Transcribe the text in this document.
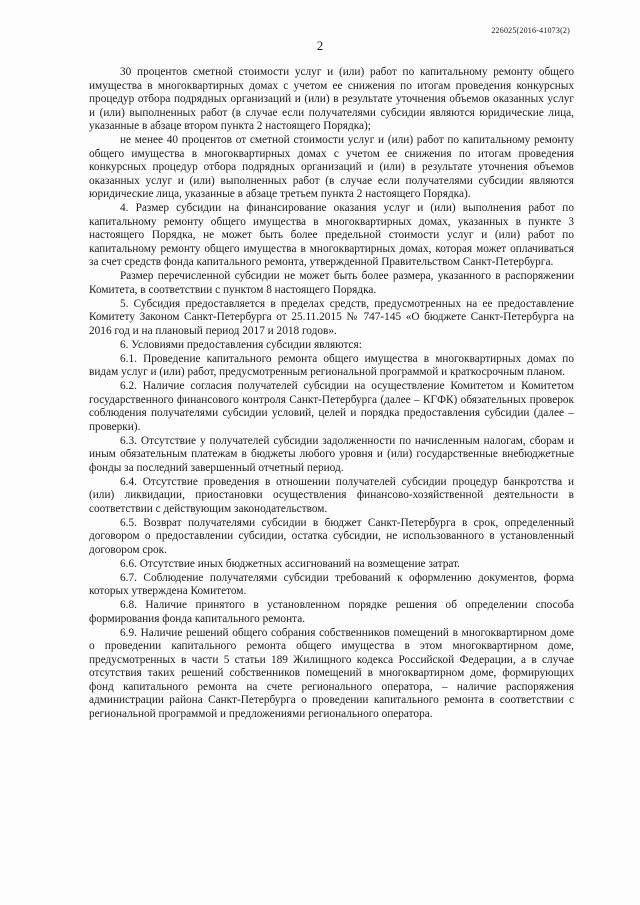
226025(2016-41073(2)
2

30 процентов сметной стоимости услуг и (или) работ по капитальному ремонту общего имущества в многоквартирных домах с учетом ее снижения по итогам проведения конкурсных процедур отбора подрядных организаций и (или) в результате уточнения объемов оказанных услуг и (или) выполненных работ (в случае если получателями субсидии являются юридические лица, указанные в абзаце втором пункта 2 настоящего Порядка);

не менее 40 процентов от сметной стоимости услуг и (или) работ по капитальному ремонту общего имущества в многоквартирных домах с учетом ее снижения по итогам проведения конкурсных процедур отбора подрядных организаций и (или) в результате уточнения объемов оказанных услуг и (или) выполненных работ (в случае если получателями субсидии являются юридические лица, указанные в абзаце третьем пункта 2 настоящего Порядка).

4. Размер субсидии на финансирование оказания услуг и (или) выполнения работ по капитальному ремонту общего имущества в многоквартирных домах, указанных в пункте 3 настоящего Порядка, не может быть более предельной стоимости услуг и (или) работ по капитальному ремонту общего имущества в многоквартирных домах, которая может оплачиваться за счет средств фонда капитального ремонта, утвержденной Правительством Санкт-Петербурга.

Размер перечисленной субсидии не может быть более размера, указанного в распоряжении Комитета, в соответствии с пунктом 8 настоящего Порядка.

5. Субсидия предоставляется в пределах средств, предусмотренных на ее предоставление Комитету Законом Санкт-Петербурга от 25.11.2015 № 747-145 «О бюджете Санкт-Петербурга на 2016 год и на плановый период 2017 и 2018 годов».

6. Условиями предоставления субсидии являются:

6.1. Проведение капитального ремонта общего имущества в многоквартирных домах по видам услуг и (или) работ, предусмотренным региональной программой и краткосрочным планом.

6.2. Наличие согласия получателей субсидии на осуществление Комитетом и Комитетом государственного финансового контроля Санкт-Петербурга (далее – КГФК) обязательных проверок соблюдения получателями субсидии условий, целей и порядка предоставления субсидии (далее – проверки).

6.3. Отсутствие у получателей субсидии задолженности по начисленным налогам, сборам и иным обязательным платежам в бюджеты любого уровня и (или) государственные внебюджетные фонды за последний завершенный отчетный период.

6.4. Отсутствие проведения в отношении получателей субсидии процедур банкротства и (или) ликвидации, приостановки осуществления финансово-хозяйственной деятельности в соответствии с действующим законодательством.

6.5. Возврат получателями субсидии в бюджет Санкт-Петербурга в срок, определенный договором о предоставлении субсидии, остатка субсидии, не использованного в установленный договором срок.

6.6. Отсутствие иных бюджетных ассигнований на возмещение затрат.

6.7. Соблюдение получателями субсидии требований к оформлению документов, форма которых утверждена Комитетом.

6.8. Наличие принятого в установленном порядке решения об определении способа формирования фонда капитального ремонта.

6.9. Наличие решений общего собрания собственников помещений в многоквартирном доме о проведении капитального ремонта общего имущества в этом многоквартирном доме, предусмотренных в части 5 статьи 189 Жилищного кодекса Российской Федерации, а в случае отсутствия таких решений собственников помещений в многоквартирном доме, формирующих фонд капитального ремонта на счете регионального оператора, – наличие распоряжения администрации района Санкт-Петербурга о проведении капитального ремонта в соответствии с региональной программой и предложениями регионального оператора.
